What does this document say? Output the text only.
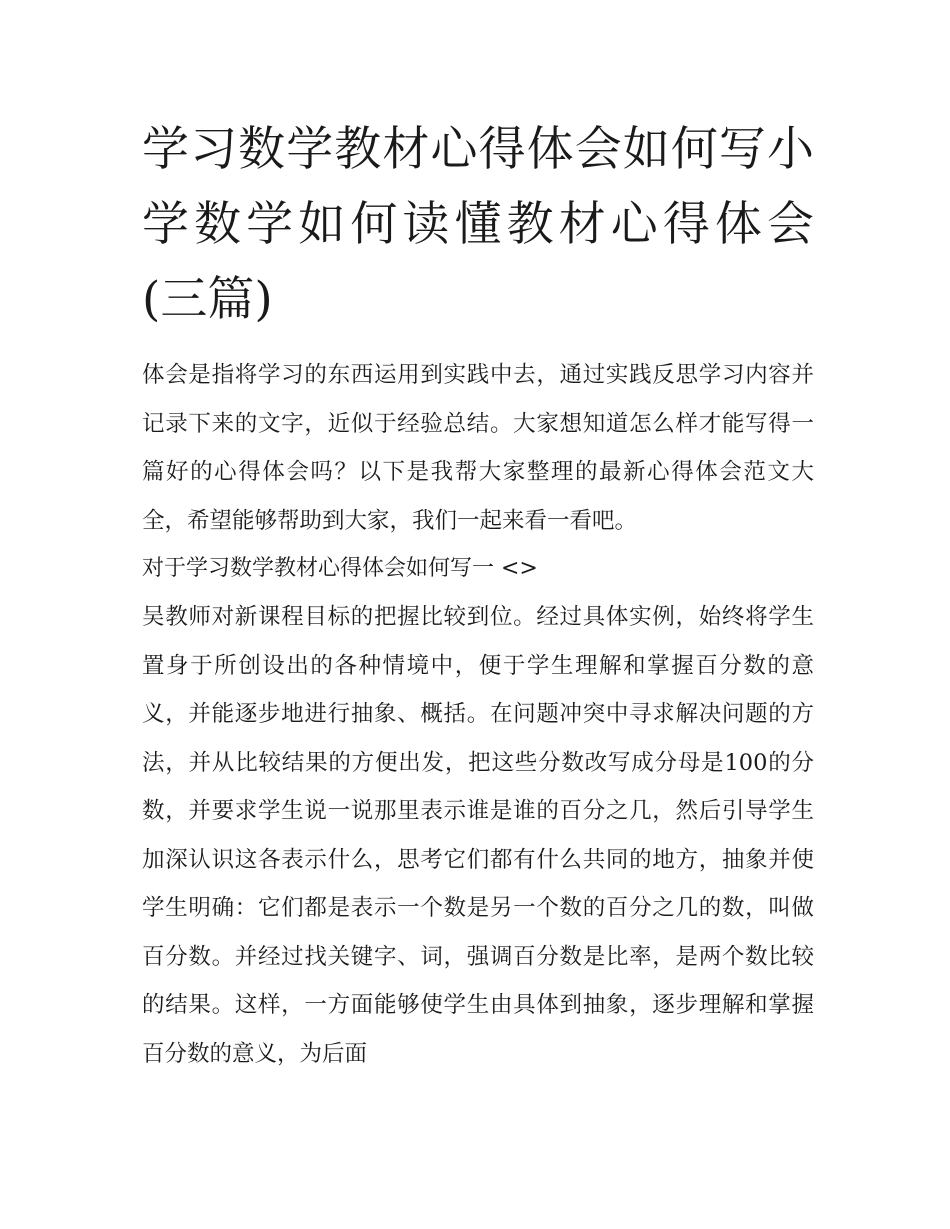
学习数学教材心得体会如何写小学数学如何读懂教材心得体会(三篇)

体会是指将学习的东西运用到实践中去，通过实践反思学习内容并记录下来的文字，近似于经验总结。大家想知道怎么样才能写得一篇好的心得体会吗？以下是我帮大家整理的最新心得体会范文大全，希望能够帮助到大家，我们一起来看一看吧。

对于学习数学教材心得体会如何写一 <>

吴教师对新课程目标的把握比较到位。经过具体实例，始终将学生置身于所创设出的各种情境中，便于学生理解和掌握百分数的意义，并能逐步地进行抽象、概括。在问题冲突中寻求解决问题的方法，并从比较结果的方便出发，把这些分数改写成分母是100的分数，并要求学生说一说那里表示谁是谁的百分之几，然后引导学生加深认识这各表示什么，思考它们都有什么共同的地方，抽象并使学生明确：它们都是表示一个数是另一个数的百分之几的数，叫做百分数。并经过找关键字、词，强调百分数是比率，是两个数比较的结果。这样，一方面能够使学生由具体到抽象，逐步理解和掌握百分数的意义，为后面
